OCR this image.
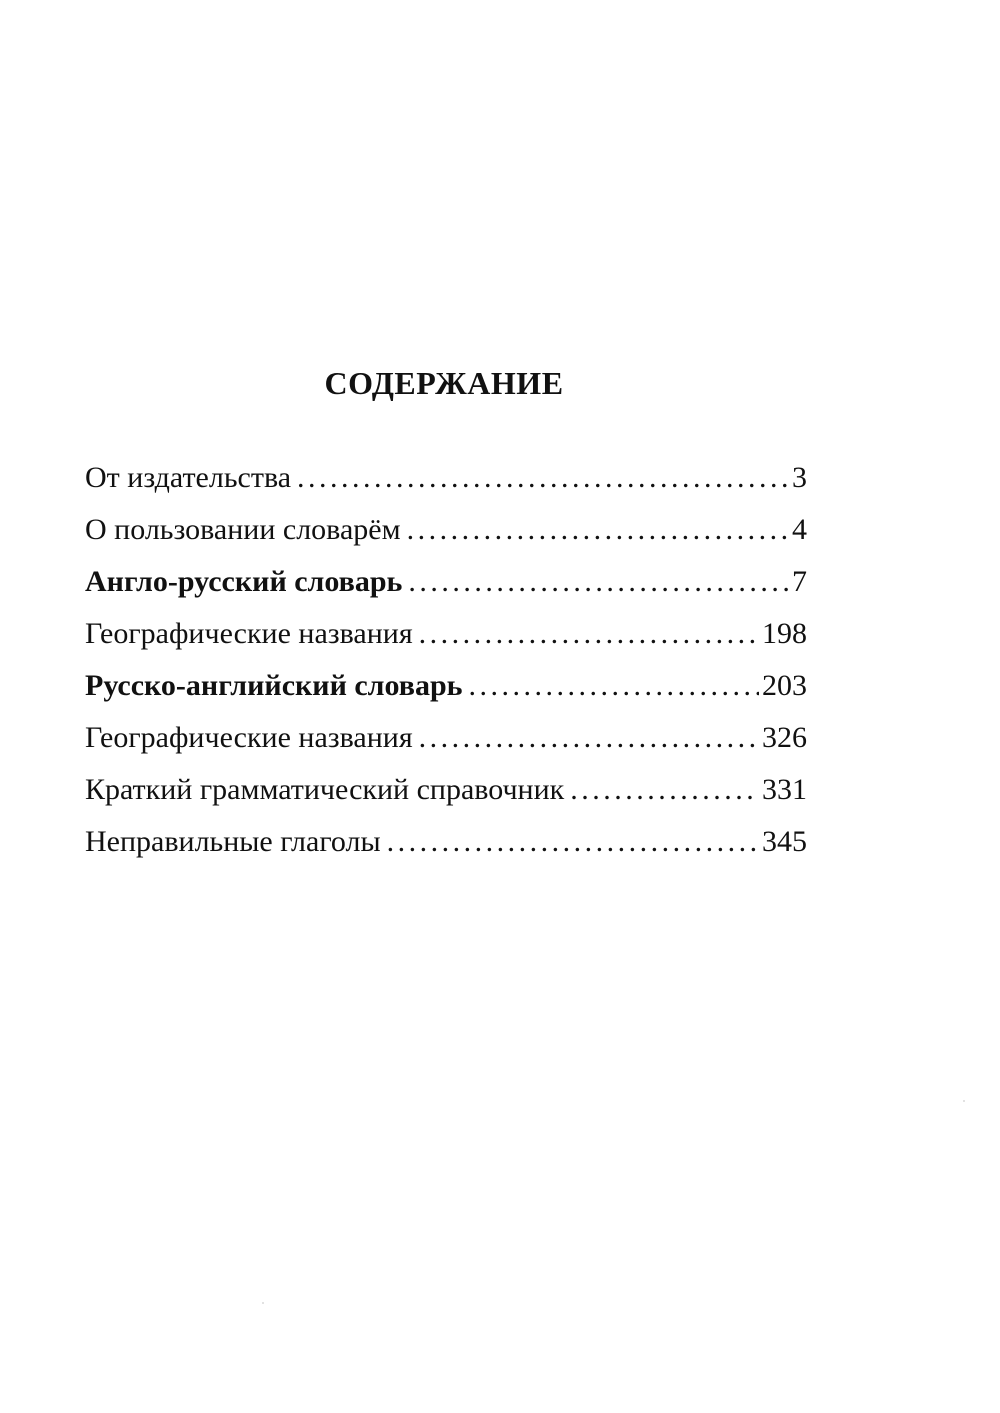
СОДЕРЖАНИЕ
От издательства . . .	3
О пользовании словарём . . .	4
Англо-русский словарь . . .	7
Географические названия . . .	198
Русско-английский словарь . . .	203
Географические названия . . .	326
Краткий грамматический справочник . . .	331
Неправильные глаголы . . .	345
